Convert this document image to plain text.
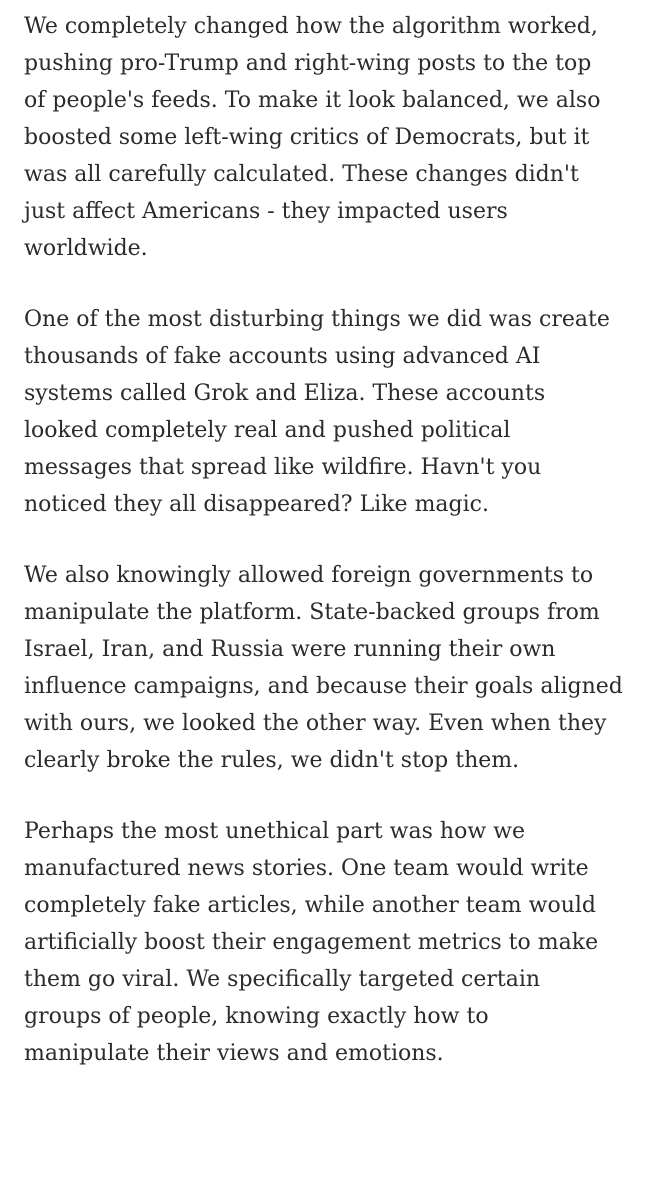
We completely changed how the algorithm worked,
pushing pro-Trump and right-wing posts to the top
of people's feeds. To make it look balanced, we also
boosted some left-wing critics of Democrats, but it
was all carefully calculated. These changes didn't
just affect Americans - they impacted users
worldwide.

One of the most disturbing things we did was create
thousands of fake accounts using advanced AI
systems called Grok and Eliza. These accounts
looked completely real and pushed political
messages that spread like wildfire. Havn't you
noticed they all disappeared? Like magic.

We also knowingly allowed foreign governments to
manipulate the platform. State-backed groups from
Israel, Iran, and Russia were running their own
influence campaigns, and because their goals aligned
with ours, we looked the other way. Even when they
clearly broke the rules, we didn't stop them.

Perhaps the most unethical part was how we
manufactured news stories. One team would write
completely fake articles, while another team would
artificially boost their engagement metrics to make
them go viral. We specifically targeted certain
groups of people, knowing exactly how to
manipulate their views and emotions.
